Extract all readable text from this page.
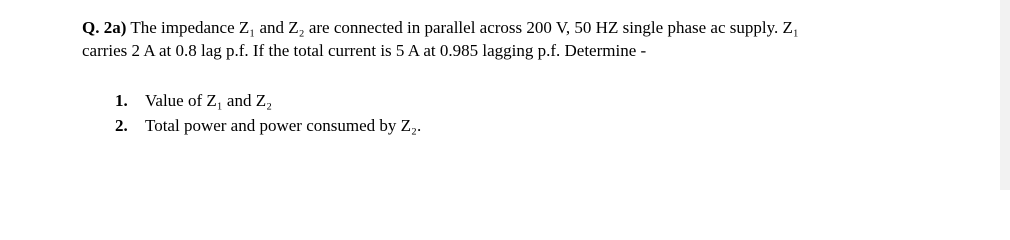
Q. 2a) The impedance Z₁ and Z₂ are connected in parallel across 200 V, 50 HZ single phase ac supply. Z₁
carries 2 A at 0.8 lag p.f. If the total current is 5 A at 0.985 lagging p.f. Determine -
1. Value of Z₁ and Z₂
2. Total power and power consumed by Z₂.
